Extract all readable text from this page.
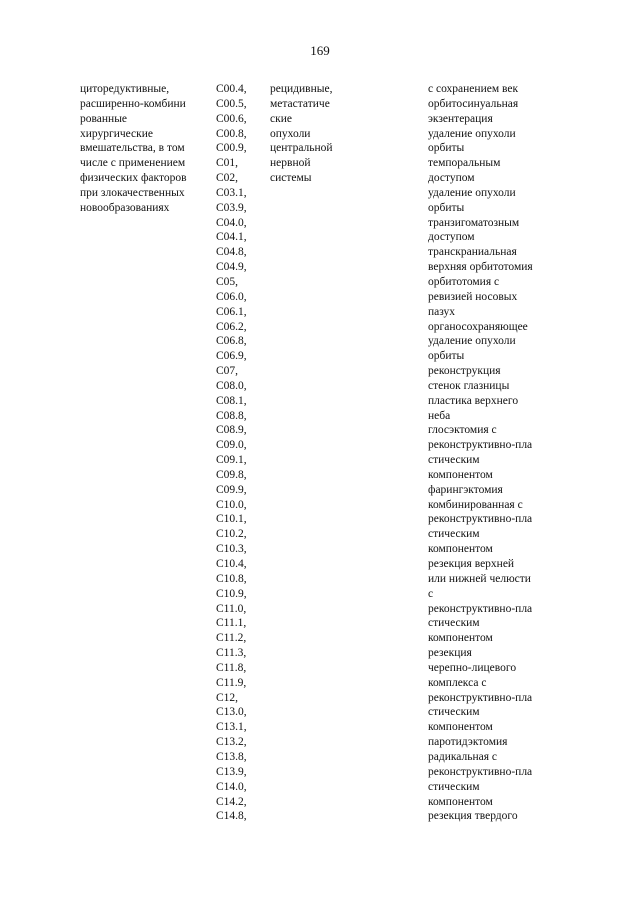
169
циторедуктивные,
расширенно-комбини
рованные
хирургические
вмешательства, в том
числе с применением
физических факторов
при злокачественных
новообразованиях
C00.4,
C00.5,
C00.6,
C00.8,
C00.9,
C01,
C02,
C03.1,
C03.9,
C04.0,
C04.1,
C04.8,
C04.9,
C05,
C06.0,
C06.1,
C06.2,
C06.8,
C06.9,
C07,
C08.0,
C08.1,
C08.8,
C08.9,
C09.0,
C09.1,
C09.8,
C09.9,
C10.0,
C10.1,
C10.2,
C10.3,
C10.4,
C10.8,
C10.9,
C11.0,
C11.1,
C11.2,
C11.3,
C11.8,
C11.9,
C12,
C13.0,
C13.1,
C13.2,
C13.8,
C13.9,
C14.0,
C14.2,
C14.8,
рецидивные,
метастатиче
ские
опухоли
центральной
нервной
системы
с сохранением век
орбитосинуальная
экзентерация
удаление опухоли
орбиты
темпоральным
доступом
удаление опухоли
орбиты
транзигоматозным
доступом
транскраниальная
верхняя орбитотомия
орбитотомия с
ревизией носовых
пазух
органосохраняющее
удаление опухоли
орбиты
реконструкция
стенок глазницы
пластика верхнего
неба
глосэктомия с
реконструктивно-пла
стическим
компонентом
фарингэктомия
комбинированная с
реконструктивно-пла
стическим
компонентом
резекция верхней
или нижней челюсти
с
реконструктивно-пла
стическим
компонентом
резекция
черепно-лицевого
комплекса с
реконструктивно-пла
стическим
компонентом
паротидэктомия
радикальная с
реконструктивно-пла
стическим
компонентом
резекция твердого
